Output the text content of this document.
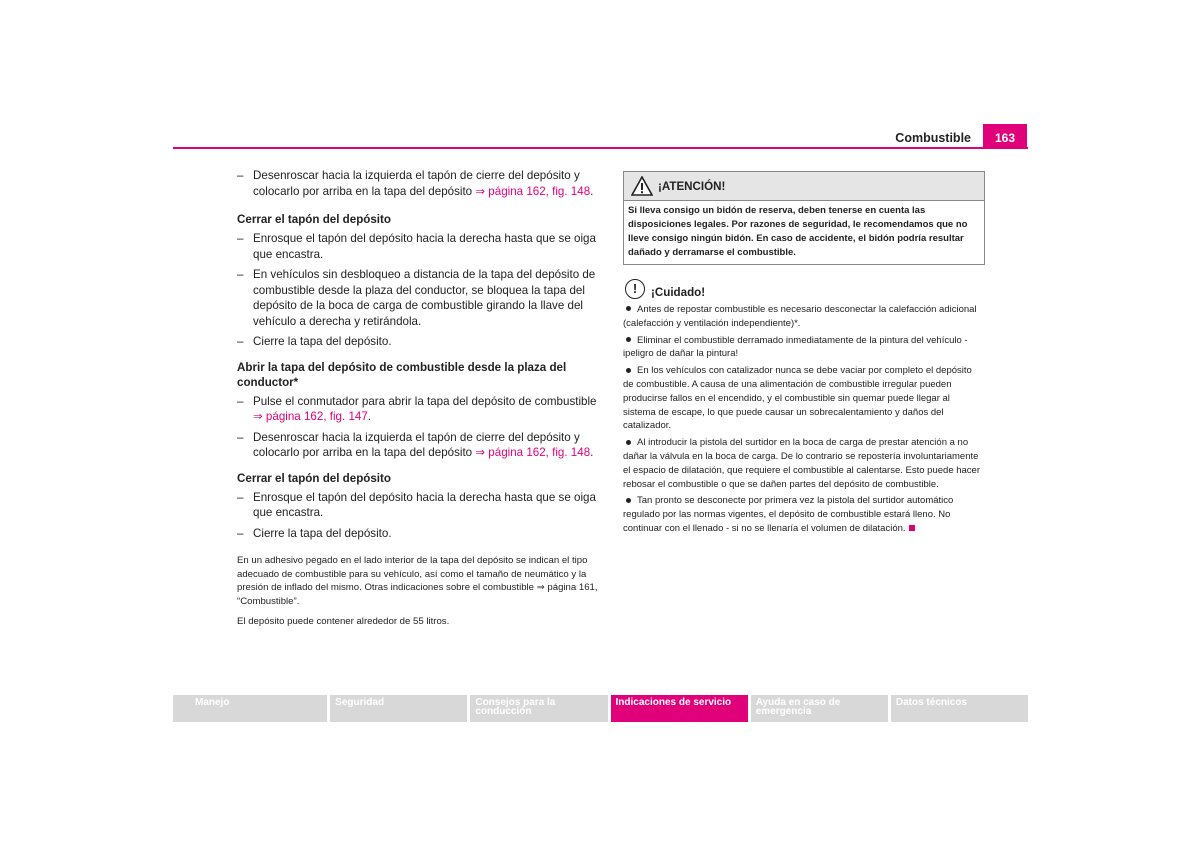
Combustible	163
– Desenroscar hacia la izquierda el tapón de cierre del depósito y colocarlo por arriba en la tapa del depósito ⇒ página 162, fig. 148.
Cerrar el tapón del depósito
– Enrosque el tapón del depósito hacia la derecha hasta que se oiga que encastra.
– En vehículos sin desbloqueo a distancia de la tapa del depósito de combustible desde la plaza del conductor, se bloquea la tapa del depósito de la boca de carga de combustible girando la llave del vehículo a derecha y retirándola.
– Cierre la tapa del depósito.
Abrir la tapa del depósito de combustible desde la plaza del conductor*
– Pulse el conmutador para abrir la tapa del depósito de combustible ⇒ página 162, fig. 147.
– Desenroscar hacia la izquierda el tapón de cierre del depósito y colocarlo por arriba en la tapa del depósito ⇒ página 162, fig. 148.
Cerrar el tapón del depósito
– Enrosque el tapón del depósito hacia la derecha hasta que se oiga que encastra.
– Cierre la tapa del depósito.

En un adhesivo pegado en el lado interior de la tapa del depósito se indican el tipo adecuado de combustible para su vehículo, así como el tamaño de neumático y la presión de inflado del mismo. Otras indicaciones sobre el combustible ⇒ página 161, “Combustible”.

El depósito puede contener alrededor de 55 litros.

¡ATENCIÓN!
Si lleva consigo un bidón de reserva, deben tenerse en cuenta las disposiciones legales. Por razones de seguridad, le recomendamos que no lleve consigo ningún bidón. En caso de accidente, el bidón podría resultar dañado y derramarse el combustible.
!	¡Cuidado!

Antes de repostar combustible es necesario desconectar la calefacción adicional (calefacción y ventilación independiente)*.

Eliminar el combustible derramado inmediatamente de la pintura del vehículo - ipeligro de dañar la pintura!

En los vehículos con catalizador nunca se debe vaciar por completo el depósito de combustible. A causa de una alimentación de combustible irregular pueden producirse fallos en el encendido, y el combustible sin quemar puede llegar al sistema de escape, lo que puede causar un sobrecalentamiento y daños del catalizador.

Al introducir la pistola del surtidor en la boca de carga de prestar atención a no dañar la válvula en la boca de carga. De lo contrario se repostería involuntariamente el espacio de dilatación, que requiere el combustible al calentarse. Esto puede hacer rebosar el combustible o que se dañen partes del depósito de combustible.

Tan pronto se desconecte por primera vez la pistola del surtidor automático regulado por las normas vigentes, el depósito de combustible estará lleno. No continuar con el llenado - si no se llenaría el volumen de dilatación.

Manejo	Seguridad	Consejos para la conducción
Indicaciones de servicio	Ayuda en caso de emergencia
Datos técnicos
